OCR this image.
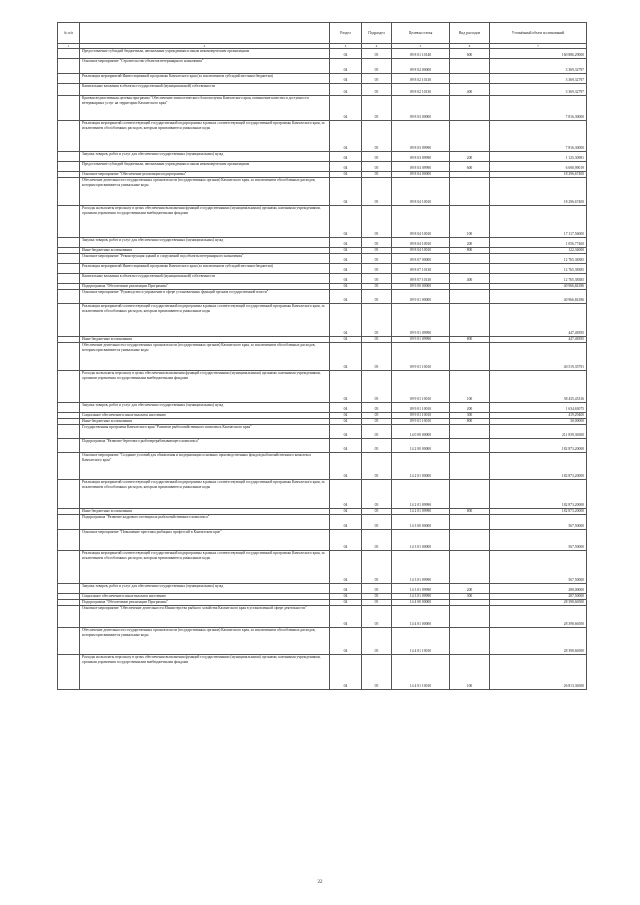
№ п/п		Раздел	Подраздел	Целевая статья	Вид расходов	Уточнённый объем ассигнований
1	2	3	4	5	6	7
	Предоставление субсидий бюджетным, автономным учреждениям и иным некоммерческим организациям	04	05	09 8 01 10140	600	160 886,29000
	Основное мероприятие "Строительство объектов ветеринарного назначения"	04	05	09 8 02 00000		3 369,32797
	Реализация мероприятий Инвестиционной программы Камчатского края (за исключением субсидий местным бюджетам)	04	05	09 8 02 10130		3 369,32797
	Капитальные вложения в объекты государственной (муниципальной) собственности	04	05	09 8 02 10130	400	3 369,32797
	Краевая ведомственная целевая программа "Обеспечение эпизоотического благополучия Камчатского края, повышение качества и доступности ветеринарных услуг на территории Камчатского края"	04	05	09 8 03 00000		7 816,30000
	Реализация мероприятий соответствующей государственной подпрограммы в рамках соответствующей государственной программы Камчатского края, за исключением обособленных расходов, которым присваиваются уникальные коды	04	05	09 8 03 09990		7 816,30000
	Закупка товаров, работ и услуг для обеспечения государственных (муниципальных) нужд	04	05	09 8 03 09990	200	1 125,30981
	Предоставление субсидий бюджетным, автономным учреждениям и иным некоммерческим организациям	04	05	09 8 03 09990	600	6 690,99019
	Основное мероприятие "Обеспечение реализации подпрограммы"	04	05	09 8 04 00000		18 296,67400
	Обеспечение деятельности государственных органов власти (государственных органов) Камчатского края, за исключением обособленных расходов, которым присваиваются уникальные коды	04	05	09 8 04 10010		18 296,67400
	Расходы на выплаты персоналу в целях обеспечения выполнения функций государственными (муниципальными) органами, казенными учреждениями, органами управления государственными внебюджетными фондами	04	05	09 8 04 10010	100	17 117,56000
	Закупка товаров, работ и услуг для обеспечения государственных (муниципальных) нужд	04	05	09 8 04 10010	200	1 056,77400
	Иные бюджетные ассигнования	04	05	09 8 04 10010	800	122,34000
	Основное мероприятие "Реконструкция зданий и сооружений под объекты ветеринарного назначения"	04	05	09 8 07 00000		12 765,38385
	Реализация мероприятий Инвестиционной программы Камчатского края (за исключением субсидий местным бюджетам)	04	05	09 8 07 10130		12 765,38385
	Капитальные вложения в объекты государственной (муниципальной) собственности	04	05	09 8 07 10130	400	12 765,38385
	Подпрограмма "Обеспечение реализации Программы"	04	05	09 9 00 00000		40 966,84186
	Основное мероприятие "Руководство и управление в сфере установленных функций органов государственной власти"	04	05	09 9 01 00000		40 966,84186
	Реализация мероприятий соответствующей государственной подпрограммы в рамках соответствующей государственной программы Камчатского края, за исключением обособленных расходов, которым присваиваются уникальные коды	04	05	09 9 01 09990		447,48395
	Иные бюджетные ассигнования	04	05	09 9 01 09990	800	447,48395
	Обеспечение деятельности государственных органов власти (государственных органов) Камчатского края, за исключением обособленных расходов, которым присваиваются уникальные коды	04	05	09 9 01 10010		40 519,35791
	Расходы на выплаты персоналу в целях обеспечения выполнения функций государственными (муниципальными) органами, казенными учреждениями, органами управления государственными внебюджетными фондами	04	05	09 9 01 10010	100	38 435,43316
	Закупка товаров, работ и услуг для обеспечения государственных (муниципальных) нужд	04	05	09 9 01 10010	200	1 634,63075
	Социальное обеспечение и иные выплаты населению	04	05	09 9 01 10010	300	419,29400
	Иные бюджетные ассигнования	04	05	09 9 01 10010	800	30,00000
	Государственная программа Камчатского края "Развитие рыбохозяйственного комплекса Камчатского края"	04	05	14 0 00 00000		211 839,36500
	Подпрограмма "Развитие берегового рыбоперерабатывающего комплекса"	04	05	14 2 00 00000		182 873,20000
	Основное мероприятие "Создание условий для обновления и модернизации основных производственных фондов рыбохозяйственного комплекса Камчатского края"	04	05	14 2 01 00000		182 873,20000
	Реализация мероприятий соответствующей государственной подпрограммы в рамках соответствующей государственной программы Камчатского края, за исключением обособленных расходов, которым присваиваются уникальные коды	04	05	14 2 01 09990		182 873,20000
	Иные бюджетные ассигнования	04	05	14 2 01 09990	800	182 873,20000
	Подпрограмма "Развитие кадрового потенциала рыбохозяйственного комплекса"	04	05	14 3 00 00000		567,50000
	Основное мероприятие "Повышение престижа рыбацких профессий в Камчатском крае"	04	05	14 3 01 00000		567,50000
	Реализация мероприятий соответствующей государственной подпрограммы в рамках соответствующей государственной программы Камчатского края, за исключением обособленных расходов, которым присваиваются уникальные коды	04	05	14 3 01 09990		567,50000
	Закупка товаров, работ и услуг для обеспечения государственных (муниципальных) нужд	04	05	14 3 01 09990	200	280,00000
	Социальное обеспечение и иные выплаты населению	04	05	14 3 01 09990	300	287,50000
	Подпрограмма "Обеспечение реализации Программы"	04	05	14 4 00 00000		28 398,66500
	Основное мероприятие "Обеспечение деятельности Министерства рыбного хозяйства Камчатского края в установленной сфере деятельности"	04	05	14 4 01 00000		28 398,66500
	Обеспечение деятельности государственных органов власти (государственных органов) Камчатского края, за исключением обособленных расходов, которым присваиваются уникальные коды	04	05	14 4 01 10010		28 398,66500
	Расходы на выплаты персоналу в целях обеспечения выполнения функций государственными (муниципальными) органами, казенными учреждениями, органами управления государственными внебюджетными фондами	04	05	14 4 01 10010	100	26 813,36500
22
